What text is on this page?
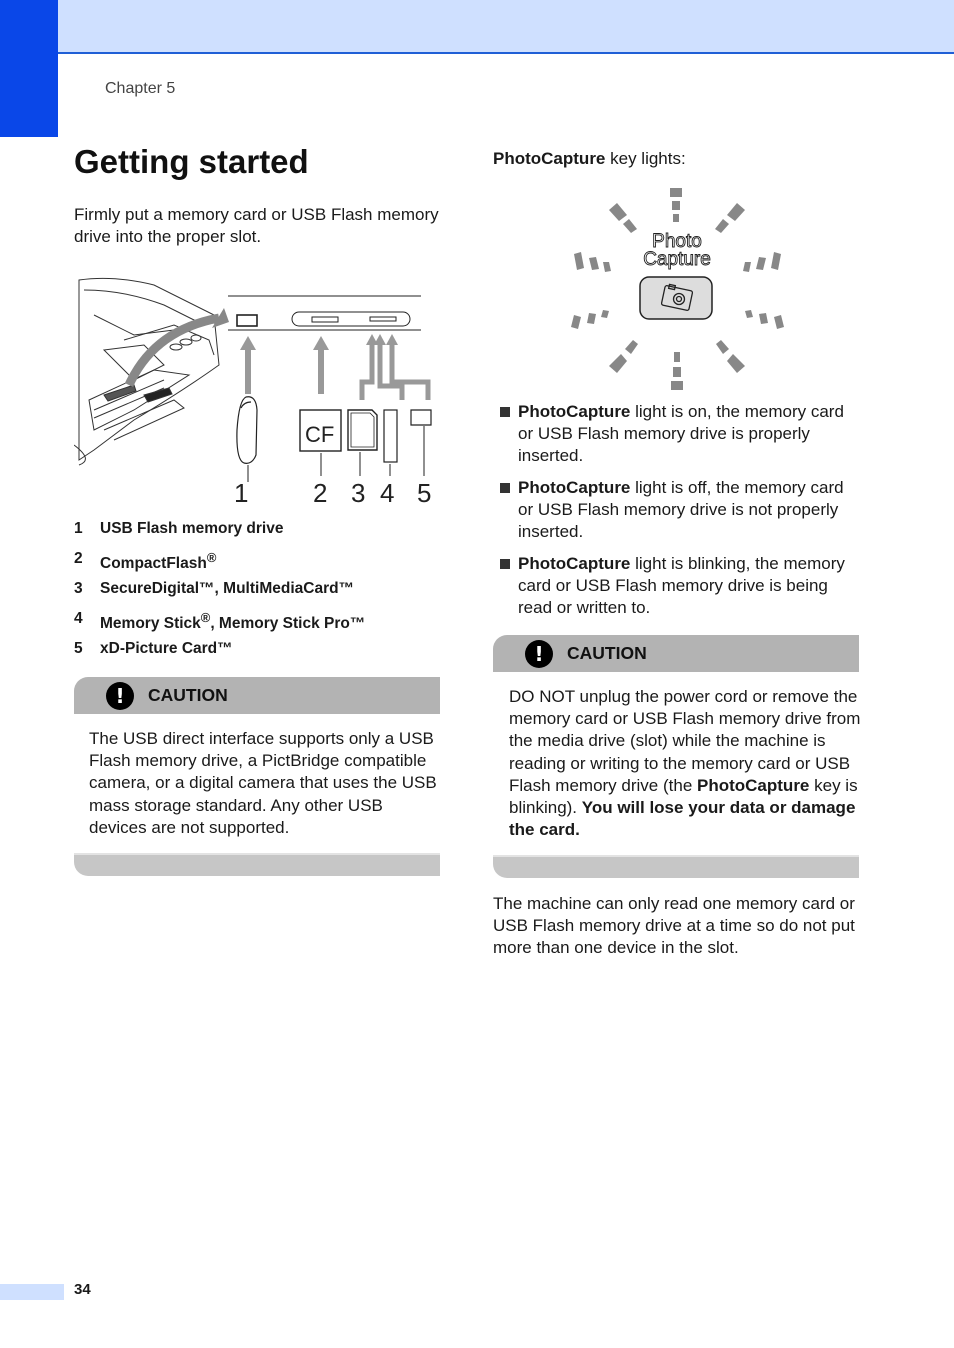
Chapter 5
Getting started
Firmly put a memory card or USB Flash memory drive into the proper slot.
CF
1 2 3 4 5
1	USB Flash memory drive
2	CompactFlash®
3	SecureDigital™, MultiMediaCard™
4	Memory Stick®, Memory Stick Pro™
5	xD-Picture Card™
!	CAUTION
The USB direct interface supports only a USB Flash memory drive, a PictBridge compatible camera, or a digital camera that uses the USB mass storage standard. Any other USB devices are not supported.
PhotoCapture key lights:
Photo
Capture
PhotoCapture light is on, the memory card or USB Flash memory drive is properly inserted.
PhotoCapture light is off, the memory card or USB Flash memory drive is not properly inserted.
PhotoCapture light is blinking, the memory card or USB Flash memory drive is being read or written to.
!	CAUTION
DO NOT unplug the power cord or remove the memory card or USB Flash memory drive from the media drive (slot) while the machine is reading or writing to the memory card or USB Flash memory drive (the PhotoCapture key is blinking). You will lose your data or damage the card.
The machine can only read one memory card or USB Flash memory drive at a time so do not put more than one device in the slot.
34
